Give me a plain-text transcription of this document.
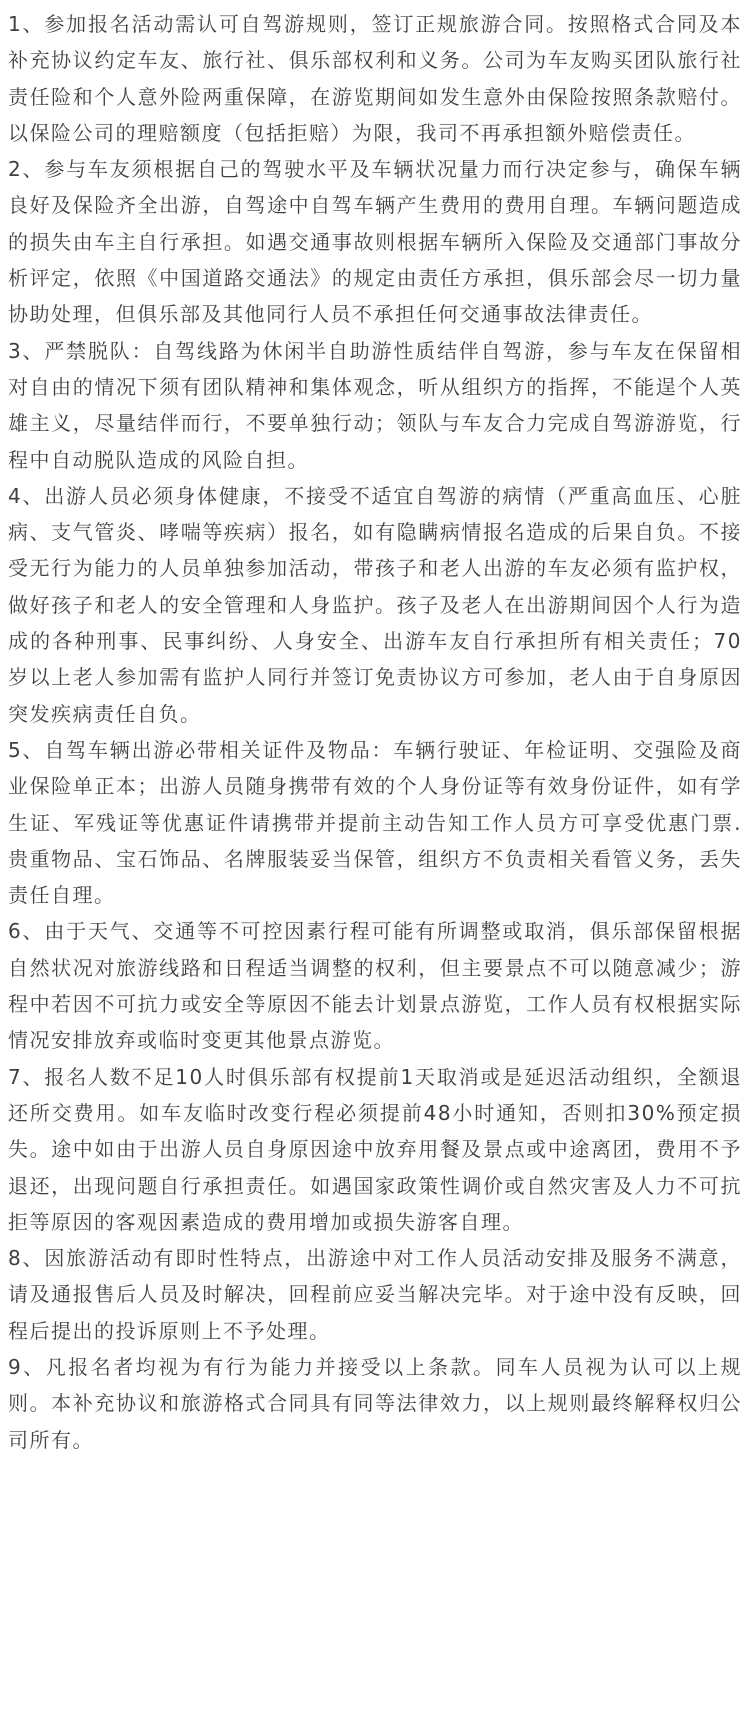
1、参加报名活动需认可自驾游规则，签订正规旅游合同。按照格式合同及本补充协议约定车友、旅行社、俱乐部权利和义务。公司为车友购买团队旅行社责任险和个人意外险两重保障，在游览期间如发生意外由保险按照条款赔付。以保险公司的理赔额度（包括拒赔）为限，我司不再承担额外赔偿责任。

2、参与车友须根据自己的驾驶水平及车辆状况量力而行决定参与，确保车辆良好及保险齐全出游，自驾途中自驾车辆产生费用的费用自理。车辆问题造成的损失由车主自行承担。如遇交通事故则根据车辆所入保险及交通部门事故分析评定，依照《中国道路交通法》的规定由责任方承担，俱乐部会尽一切力量协助处理，但俱乐部及其他同行人员不承担任何交通事故法律责任。

3、严禁脱队：自驾线路为休闲半自助游性质结伴自驾游，参与车友在保留相对自由的情况下须有团队精神和集体观念，听从组织方的指挥，不能逞个人英雄主义，尽量结伴而行，不要单独行动；领队与车友合力完成自驾游游览，行程中自动脱队造成的风险自担。

4、出游人员必须身体健康，不接受不适宜自驾游的病情（严重高血压、心脏病、支气管炎、哮喘等疾病）报名，如有隐瞒病情报名造成的后果自负。不接受无行为能力的人员单独参加活动，带孩子和老人出游的车友必须有监护权，做好孩子和老人的安全管理和人身监护。孩子及老人在出游期间因个人行为造成的各种刑事、民事纠纷、人身安全、出游车友自行承担所有相关责任；70岁以上老人参加需有监护人同行并签订免责协议方可参加，老人由于自身原因突发疾病责任自负。

5、自驾车辆出游必带相关证件及物品：车辆行驶证、年检证明、交强险及商业保险单正本；出游人员随身携带有效的个人身份证等有效身份证件，如有学生证、军残证等优惠证件请携带并提前主动告知工作人员方可享受优惠门票.贵重物品、宝石饰品、名牌服装妥当保管，组织方不负责相关看管义务，丢失责任自理。

6、由于天气、交通等不可控因素行程可能有所调整或取消，俱乐部保留根据自然状况对旅游线路和日程适当调整的权利，但主要景点不可以随意减少；游程中若因不可抗力或安全等原因不能去计划景点游览，工作人员有权根据实际情况安排放弃或临时变更其他景点游览。

7、报名人数不足10人时俱乐部有权提前1天取消或是延迟活动组织，全额退还所交费用。如车友临时改变行程必须提前48小时通知，否则扣30%预定损失。途中如由于出游人员自身原因途中放弃用餐及景点或中途离团，费用不予退还，出现问题自行承担责任。如遇国家政策性调价或自然灾害及人力不可抗拒等原因的客观因素造成的费用增加或损失游客自理。

8、因旅游活动有即时性特点，出游途中对工作人员活动安排及服务不满意，请及通报售后人员及时解决，回程前应妥当解决完毕。对于途中没有反映，回程后提出的投诉原则上不予处理。

9、凡报名者均视为有行为能力并接受以上条款。同车人员视为认可以上规则。本补充协议和旅游格式合同具有同等法律效力，以上规则最终解释权归公司所有。
